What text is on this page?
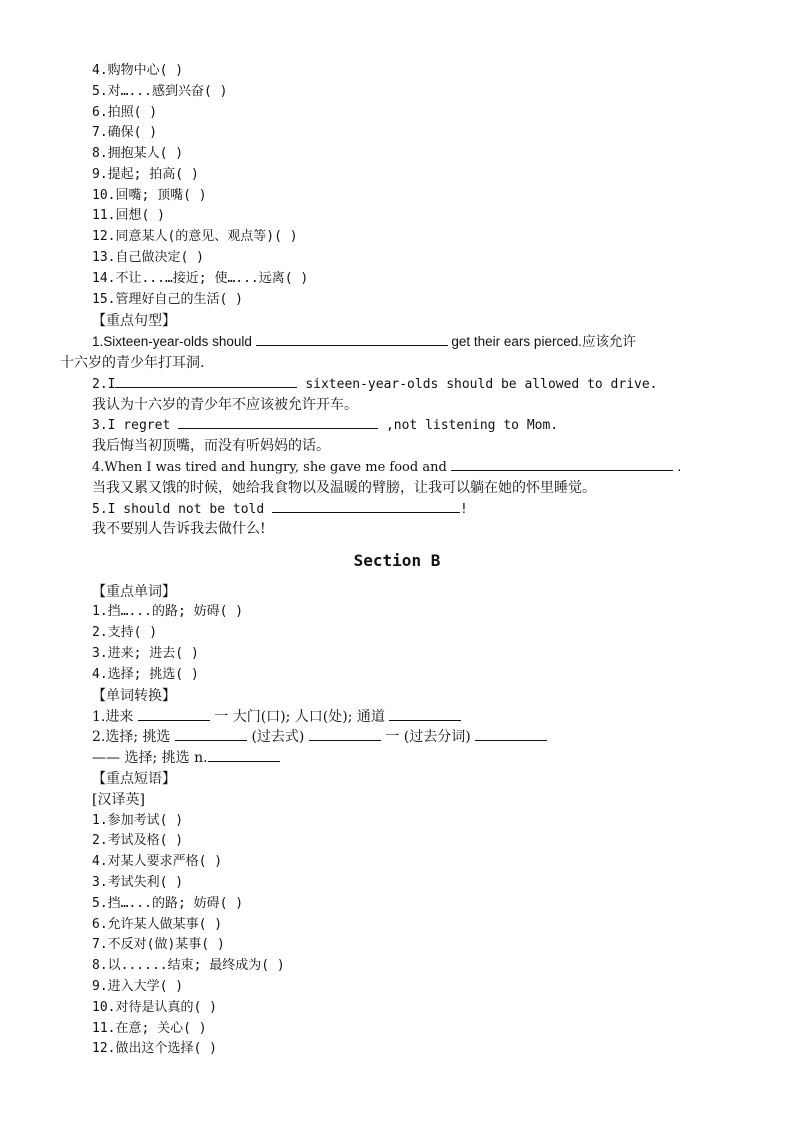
4.购物中心( )
5.对…...感到兴奋( )
6.拍照( )
7.确保( )
8.拥抱某人( )
9.提起; 拍高( )
10.回嘴; 顶嘴( )
11.回想( )
12.同意某人(的意见、观点等)( )
13.自己做决定( )
14.不让...…接近; 使…...远离( )
15.管理好自己的生活( )
【重点句型】
1.Sixteen-year-olds should	get their ears pierced.应该允许
十六岁的青少年打耳洞.
2.I	sixteen-year-olds should be allowed to drive.
我认为十六岁的青少年不应该被允许开车。
3.I regret	,not listening to Mom.
我后悔当初顶嘴，而没有听妈妈的话。
4.When I was tired and hungry, she gave me food and	.
当我又累又饿的时候，她给我食物以及温暖的臂膀，让我可以躺在她的怀里睡觉。
5.I should not be told	!
我不要别人告诉我去做什么!
Section B
【重点单词】
1.挡…...的路; 妨碍( )
2.支持( )
3.进来; 进去( )
4.选择; 挑选( )
【单词转换】
1.进来	一 大门(口); 人口(处); 通道
2.选择; 挑选	(过去式)	一 (过去分词)
—— 选择; 挑选 n.
【重点短语】
[汉译英]
1.参加考试( )
2.考试及格( )
4.对某人要求严格( )
3.考试失利( )
5.挡…...的路; 妨碍( )
6.允许某人做某事( )
7.不反对(做)某事( )
8.以......结束; 最终成为( )
9.进入大学( )
10.对待是认真的( )
11.在意; 关心( )
12.做出这个选择( )
